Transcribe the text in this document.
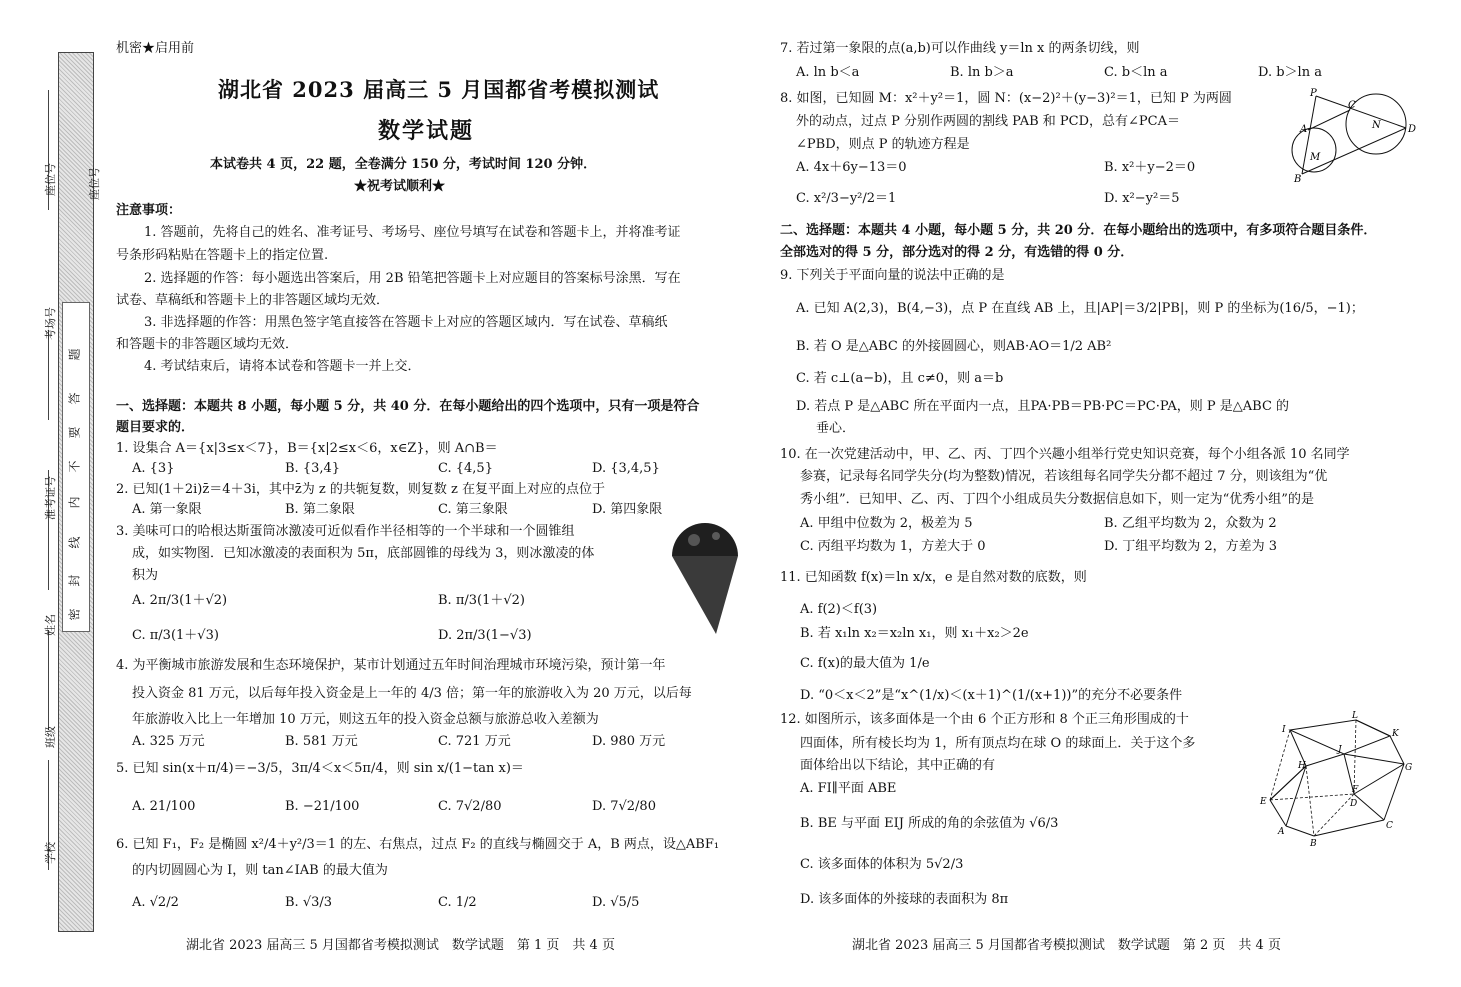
座位号	座位号
考场号
准考证号
姓名
班级
学校
题
答
要
不
内
线
封
密
机密★启用前
湖北省 2023 届高三 5 月国都省考模拟测试
数学试题
本试卷共 4 页，22 题，全卷满分 150 分，考试时间 120 分钟．
★祝考试顺利★
注意事项：
1. 答题前，先将自己的姓名、准考证号、考场号、座位号填写在试卷和答题卡上，并将准考证
号条形码粘贴在答题卡上的指定位置.
2. 选择题的作答：每小题选出答案后，用 2B 铅笔把答题卡上对应题目的答案标号涂黑．写在
试卷、草稿纸和答题卡上的非答题区域均无效．
3. 非选择题的作答：用黑色签字笔直接答在答题卡上对应的答题区域内．写在试卷、草稿纸
和答题卡的非答题区域均无效．
4. 考试结束后，请将本试卷和答题卡一并上交．
一、选择题：本题共 8 小题，每小题 5 分，共 40 分．在每小题给出的四个选项中，只有一项是符合
题目要求的．
1. 设集合 A＝{x|3≤x＜7}，B＝{x|2≤x＜6，x∈Z}，则 A∩B＝
A. {3}	B. {3,4}	C. {4,5}	D. {3,4,5}
2. 已知(1＋2i)z̄＝4＋3i，其中z̄为 z 的共轭复数，则复数 z 在复平面上对应的点位于
A. 第一象限	B. 第二象限	C. 第三象限	D. 第四象限
3. 美味可口的哈根达斯蛋筒冰激凌可近似看作半径相等的一个半球和一个圆锥组
成，如实物图．已知冰激凌的表面积为 5π，底部圆锥的母线为 3，则冰激凌的体
积为
A. 2π/3(1＋√2)	B. π/3(1＋√2)
C. π/3(1＋√3)	D. 2π/3(1−√3)
4. 为平衡城市旅游发展和生态环境保护，某市计划通过五年时间治理城市环境污染，预计第一年
投入资金 81 万元，以后每年投入资金是上一年的 4/3 倍；第一年的旅游收入为 20 万元，以后每
年旅游收入比上一年增加 10 万元，则这五年的投入资金总额与旅游总收入差额为
A. 325 万元	B. 581 万元	C. 721 万元	D. 980 万元
5. 已知 sin(x＋π/4)＝−3/5，3π/4＜x＜5π/4，则 sin x/(1−tan x)＝
A. 21/100	B. −21/100	C. 7√2/80	D. 7√2/80
6. 已知 F₁，F₂ 是椭圆 x²/4＋y²/3＝1 的左、右焦点，过点 F₂ 的直线与椭圆交于 A，B 两点，设△ABF₁
的内切圆圆心为 I，则 tan∠IAB 的最大值为
A. √2/2	B. √3/3	C. 1/2	D. √5/5
湖北省 2023 届高三 5 月国都省考模拟测试　数学试题　第 1 页　共 4 页
7. 若过第一象限的点(a,b)可以作曲线 y＝ln x 的两条切线，则
A. ln b＜a	B. ln b＞a	C. b＜ln a	D. b＞ln a
8. 如图，已知圆 M：x²＋y²＝1，圆 N：(x−2)²＋(y−3)²＝1，已知 P 为两圆
外的动点，过点 P 分别作两圆的割线 PAB 和 PCD，总有∠PCA＝
∠PBD，则点 P 的轨迹方程是
A. 4x＋6y−13＝0	B. x²＋y−2＝0
C. x²/3−y²/2＝1	D. x²−y²＝5
P
C
N	D
A
M
B
二、选择题：本题共 4 小题，每小题 5 分，共 20 分．在每小题给出的选项中，有多项符合题目条件．
全部选对的得 5 分，部分选对的得 2 分，有选错的得 0 分．
9. 下列关于平面向量的说法中正确的是
A. 已知 A(2,3)，B(4,−3)，点 P 在直线 AB 上，且|AP|＝3/2|PB|，则 P 的坐标为(16/5，−1)；
B. 若 O 是△ABC 的外接圆圆心，则AB·AO＝1/2 AB²
C. 若 c⊥(a−b)，且 c≠0，则 a＝b
D. 若点 P 是△ABC 所在平面内一点，且PA·PB＝PB·PC＝PC·PA，则 P 是△ABC 的
垂心．
10. 在一次党建活动中，甲、乙、丙、丁四个兴趣小组举行党史知识竞赛，每个小组各派 10 名同学
参赛，记录每名同学失分(均为整数)情况，若该组每名同学失分都不超过 7 分，则该组为“优
秀小组”．已知甲、乙、丙、丁四个小组成员失分数据信息如下，则一定为“优秀小组”的是
A. 甲组中位数为 2，极差为 5	B. 乙组平均数为 2，众数为 2
C. 丙组平均数为 1，方差大于 0	D. 丁组平均数为 2，方差为 3
11. 已知函数 f(x)＝ln x/x，e 是自然对数的底数，则
A. f(2)＜f(3)
B. 若 x₁ln x₂＝x₂ln x₁，则 x₁＋x₂＞2e
C. f(x)的最大值为 1/e
D. “0＜x＜2”是“x^(1/x)＜(x＋1)^(1/(x+1))”的充分不必要条件
12. 如图所示，该多面体是一个由 6 个正方形和 8 个正三角形围成的十
四面体，所有棱长均为 1，所有顶点均在球 O 的球面上．关于这个多
面体给出以下结论，其中正确的有
A. FI∥平面 ABE
B. BE 与平面 EIJ 所成的角的余弦值为 √6/3
C. 该多面体的体积为 5√2/3
D. 该多面体的外接球的表面积为 8π
I
L
J
K
H	G
E
F
D
A
B
C
湖北省 2023 届高三 5 月国都省考模拟测试　数学试题　第 2 页　共 4 页
